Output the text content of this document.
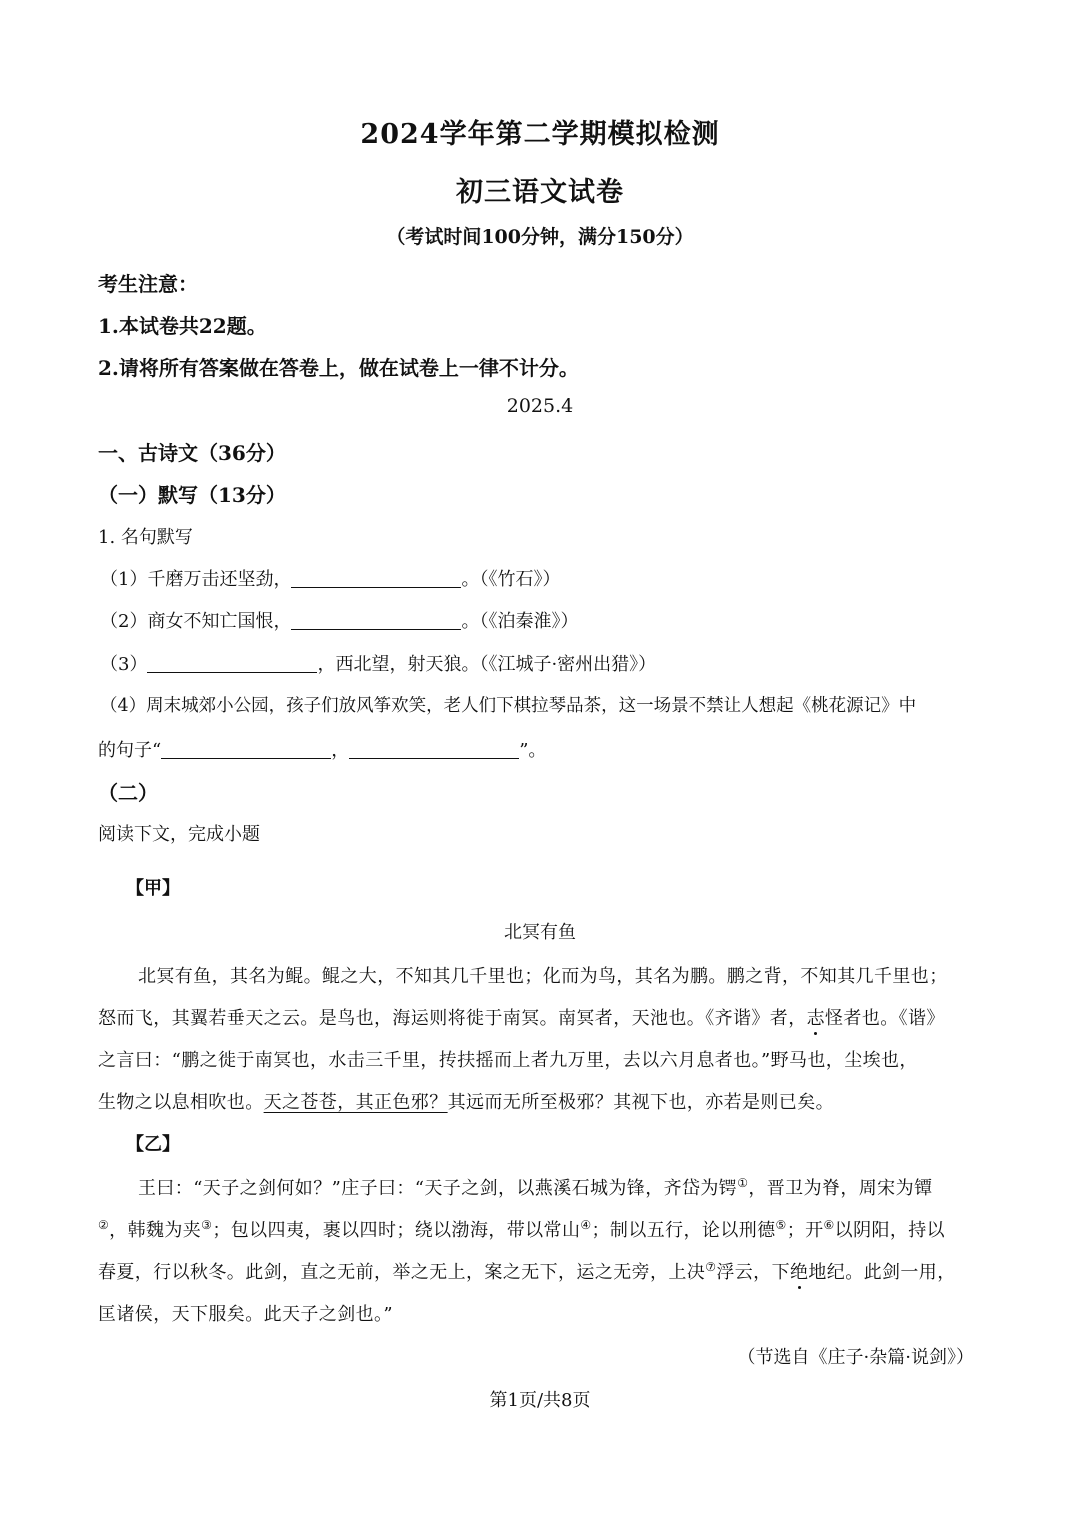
2024学年第二学期模拟检测
初三语文试卷
（考试时间100分钟，满分150分）
考生注意：
1.本试卷共22题。
2.请将所有答案做在答卷上，做在试卷上一律不计分。
2025.4
一、古诗文（36分）
（一）默写（13分）
1. 名句默写
（1）千磨万击还坚劲，	。（《竹石》）
（2）商女不知亡国恨，	。（《泊秦淮》）
（3）	，西北望，射天狼。（《江城子·密州出猎》）
（4）周末城郊小公园，孩子们放风筝欢笑，老人们下棋拉琴品茶，这一场景不禁让人想起《桃花源记》中
的句子“	，	”。
（二）
阅读下文，完成小题
【甲】
北冥有鱼
北冥有鱼，其名为鲲。鲲之大，不知其几千里也；化而为鸟，其名为鹏。鹏之背，不知其几千里也；
怒而飞，其翼若垂天之云。是鸟也，海运则将徙于南冥。南冥者，天池也。《齐谐》者，志怪者也。《谐》
之言曰：“鹏之徙于南冥也，水击三千里，抟扶摇而上者九万里，去以六月息者也。”野马也，尘埃也，
生物之以息相吹也。天之苍苍，其正色邪？其远而无所至极邪？其视下也，亦若是则已矣。
【乙】
王曰：“天子之剑何如？”庄子曰：“天子之剑，以燕溪石城为锋，齐岱为锷①，晋卫为脊，周宋为镡
②，韩魏为夹③；包以四夷，裹以四时；绕以渤海，带以常山④；制以五行，论以刑德⑤；开⑥以阴阳，持以
春夏，行以秋冬。此剑，直之无前，举之无上，案之无下，运之无旁，上决⑦浮云，下绝地纪。此剑一用，
匡诸侯，天下服矣。此天子之剑也。”
（节选自《庄子·杂篇·说剑》）
第1页/共8页
